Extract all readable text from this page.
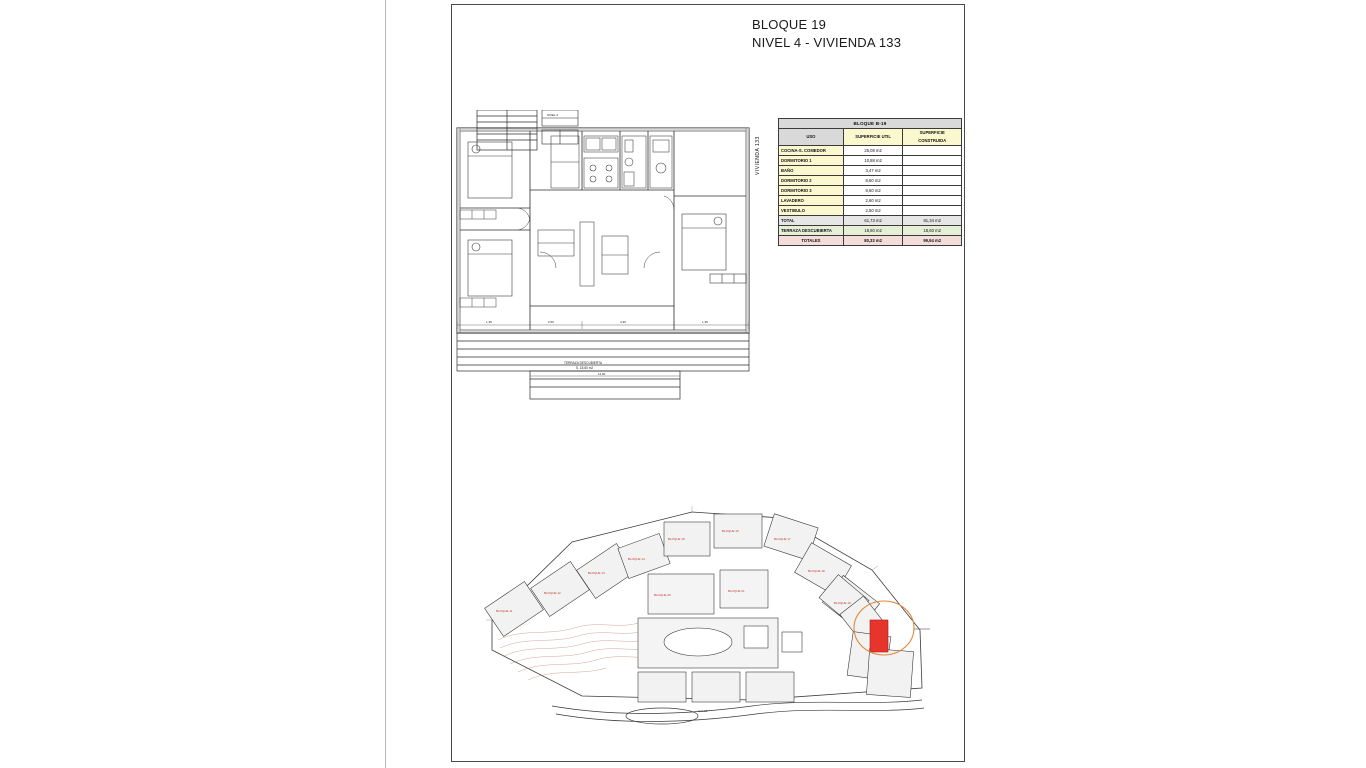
BLOQUE 19
NIVEL 4 - VIVIENDA 133
VIVIENDA 133
BLOQUE B-19		
USO	SUPERFICIE UTIL	SUPERFICIE CONSTRUIDA
COCINA-S. COMEDOR	25,08 m2	
DORMITORIO 1	10,88 m2	
BAÑO	3,47 m2	
DORMITORIO 2	8,60 m2	
DORMITORIO 3	8,60 m2	
LAVADERO	2,60 m2	
VESTIBULO	2,50 m2	
TOTAL	61,73 m2	81,34 m2
TERRAZA DESCUBIERTA	18,60 m2	18,60 m2
TOTALES	80,33 m2	99,94 m2
NIVEL 4
TERRAZA DESCUBIERTA
S. 18,60 m2
1,35	2,50	4,30	1,35
11,00
CALLE
BLOQUE 11
BLOQUE 12
BLOQUE 13
BLOQUE 14
BLOQUE 15
BLOQUE 16
BLOQUE 17
BLOQUE 18
BLOQUE 19
BLOQUE 20
BLOQUE 21
